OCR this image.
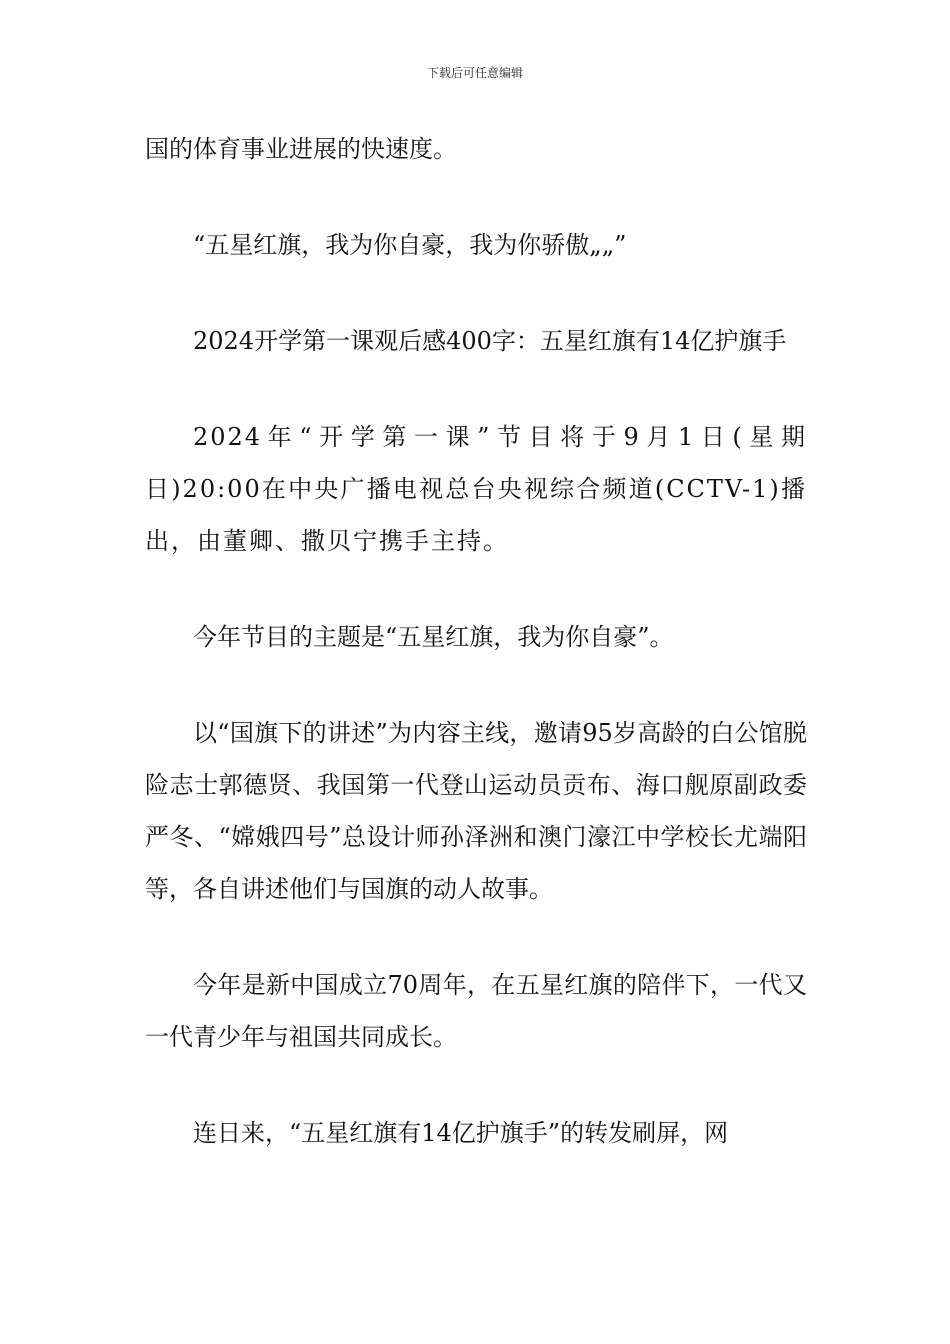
下载后可任意编辑

国的体育事业进展的快速度。

“五星红旗，我为你自豪，我为你骄傲„„”

2024开学第一课观后感400字：五星红旗有14亿护旗手

2024年“开学第一课”节目将于9月1日(星期日)20:00在中央广播电视总台央视综合频道(CCTV-1)播出，由董卿、撒贝宁携手主持。

今年节目的主题是“五星红旗，我为你自豪”。

以“国旗下的讲述”为内容主线，邀请95岁高龄的白公馆脱险志士郭德贤、我国第一代登山运动员贡布、海口舰原副政委严冬、“嫦娥四号”总设计师孙泽洲和澳门濠江中学校长尤端阳等，各自讲述他们与国旗的动人故事。

今年是新中国成立70周年，在五星红旗的陪伴下，一代又一代青少年与祖国共同成长。

连日来，“五星红旗有14亿护旗手”的转发刷屏，网
